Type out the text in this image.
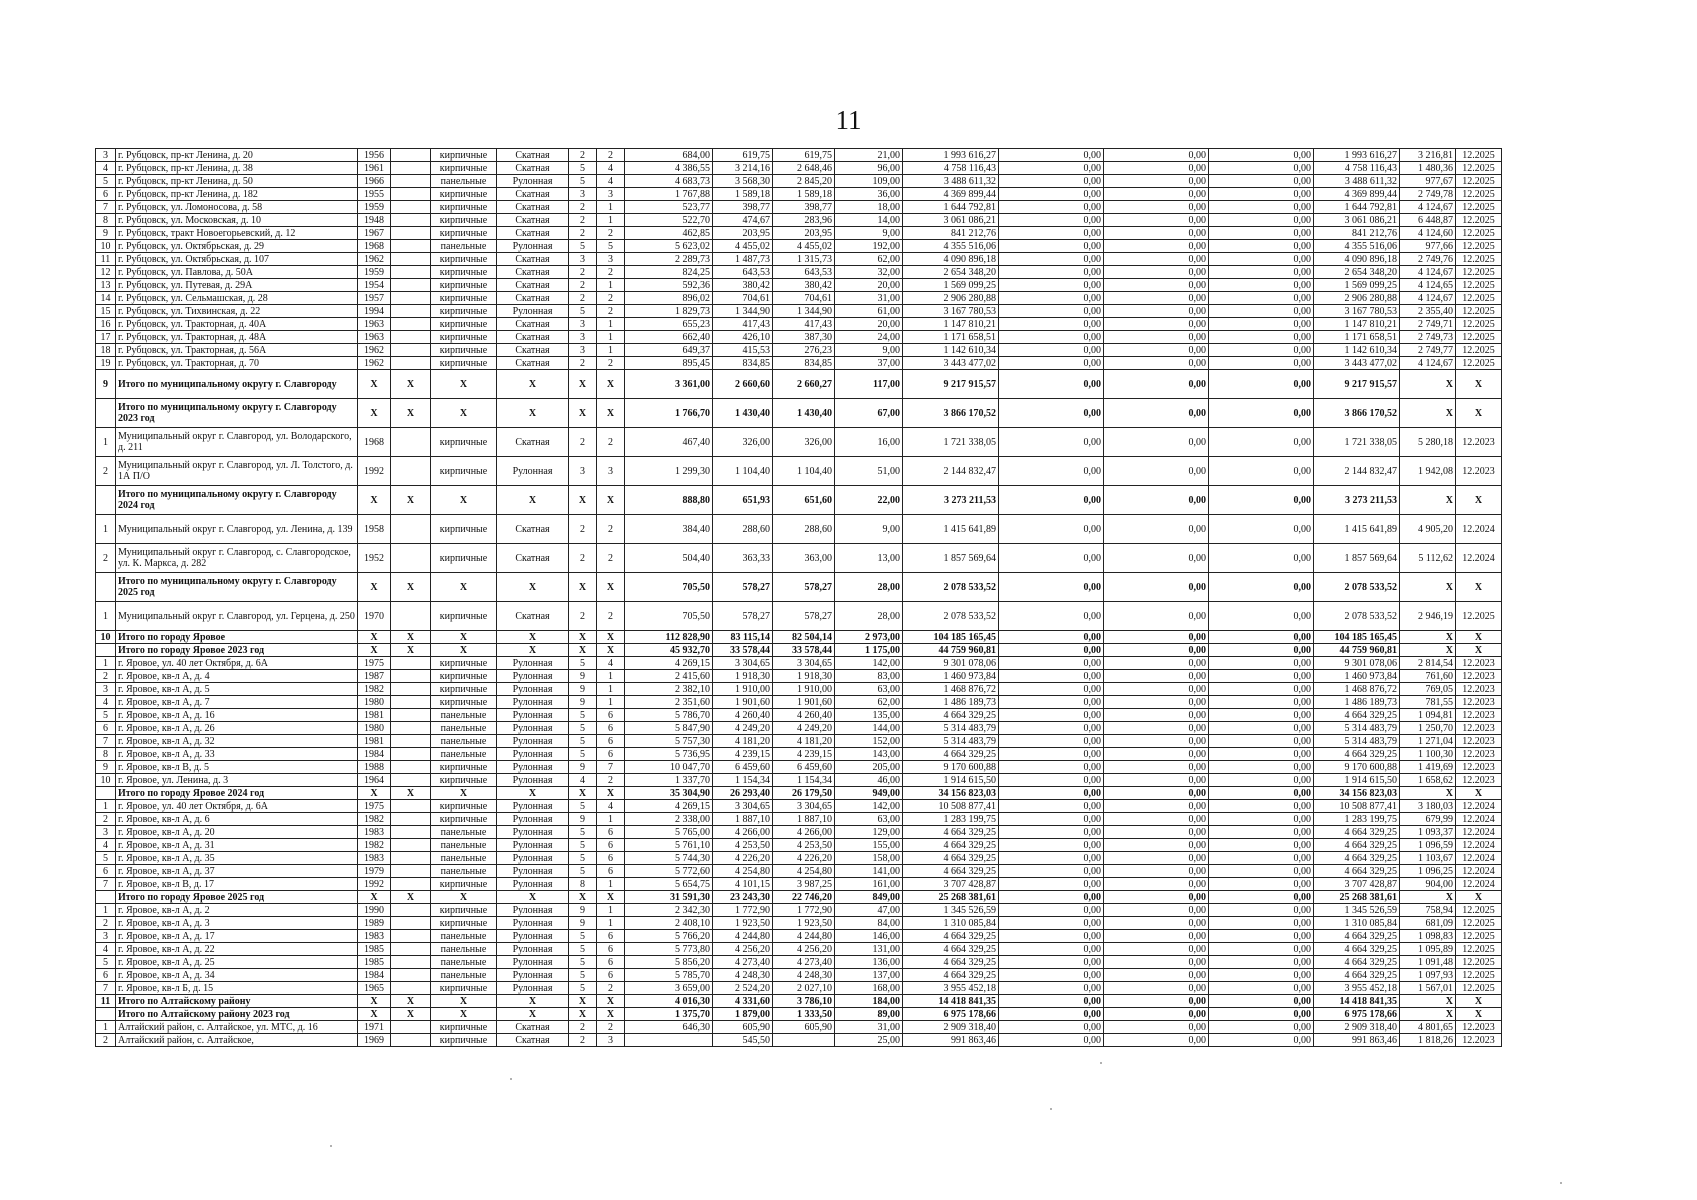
11
3	г. Рубцовск, пр-кт Ленина, д. 20	1956		кирпичные	Скатная	2	2	684,00	619,75	619,75	21,00	1 993 616,27	0,00	0,00	0,00	1 993 616,27	3 216,81	12.2025
4	г. Рубцовск, пр-кт Ленина, д. 38	1961		кирпичные	Скатная	5	4	4 386,55	3 214,16	2 648,46	96,00	4 758 116,43	0,00	0,00	0,00	4 758 116,43	1 480,36	12.2025
5	г. Рубцовск, пр-кт Ленина, д. 50	1966		панельные	Рулонная	5	4	4 683,73	3 568,30	2 845,20	109,00	3 488 611,32	0,00	0,00	0,00	3 488 611,32	977,67	12.2025
6	г. Рубцовск, пр-кт Ленина, д. 182	1955		кирпичные	Скатная	3	3	1 767,88	1 589,18	1 589,18	36,00	4 369 899,44	0,00	0,00	0,00	4 369 899,44	2 749,78	12.2025
7	г. Рубцовск, ул. Ломоносова, д. 58	1959		кирпичные	Скатная	2	1	523,77	398,77	398,77	18,00	1 644 792,81	0,00	0,00	0,00	1 644 792,81	4 124,67	12.2025
8	г. Рубцовск, ул. Московская, д. 10	1948		кирпичные	Скатная	2	1	522,70	474,67	283,96	14,00	3 061 086,21	0,00	0,00	0,00	3 061 086,21	6 448,87	12.2025
9	г. Рубцовск, тракт Новоегорьевский, д. 12	1967		кирпичные	Скатная	2	2	462,85	203,95	203,95	9,00	841 212,76	0,00	0,00	0,00	841 212,76	4 124,60	12.2025
10	г. Рубцовск, ул. Октябрьская, д. 29	1968		панельные	Рулонная	5	5	5 623,02	4 455,02	4 455,02	192,00	4 355 516,06	0,00	0,00	0,00	4 355 516,06	977,66	12.2025
11	г. Рубцовск, ул. Октябрьская, д. 107	1962		кирпичные	Скатная	3	3	2 289,73	1 487,73	1 315,73	62,00	4 090 896,18	0,00	0,00	0,00	4 090 896,18	2 749,76	12.2025
12	г. Рубцовск, ул. Павлова, д. 50А	1959		кирпичные	Скатная	2	2	824,25	643,53	643,53	32,00	2 654 348,20	0,00	0,00	0,00	2 654 348,20	4 124,67	12.2025
13	г. Рубцовск, ул. Путевая, д. 29А	1954		кирпичные	Скатная	2	1	592,36	380,42	380,42	20,00	1 569 099,25	0,00	0,00	0,00	1 569 099,25	4 124,65	12.2025
14	г. Рубцовск, ул. Сельмашская, д. 28	1957		кирпичные	Скатная	2	2	896,02	704,61	704,61	31,00	2 906 280,88	0,00	0,00	0,00	2 906 280,88	4 124,67	12.2025
15	г. Рубцовск, ул. Тихвинская, д. 22	1994		кирпичные	Рулонная	5	2	1 829,73	1 344,90	1 344,90	61,00	3 167 780,53	0,00	0,00	0,00	3 167 780,53	2 355,40	12.2025
16	г. Рубцовск, ул. Тракторная, д. 40А	1963		кирпичные	Скатная	3	1	655,23	417,43	417,43	20,00	1 147 810,21	0,00	0,00	0,00	1 147 810,21	2 749,71	12.2025
17	г. Рубцовск, ул. Тракторная, д. 48А	1963		кирпичные	Скатная	3	1	662,40	426,10	387,30	24,00	1 171 658,51	0,00	0,00	0,00	1 171 658,51	2 749,73	12.2025
18	г. Рубцовск, ул. Тракторная, д. 56А	1962		кирпичные	Скатная	3	1	649,37	415,53	276,23	9,00	1 142 610,34	0,00	0,00	0,00	1 142 610,34	2 749,77	12.2025
19	г. Рубцовск, ул. Тракторная, д. 70	1962		кирпичные	Скатная	2	2	895,45	834,85	834,85	37,00	3 443 477,02	0,00	0,00	0,00	3 443 477,02	4 124,67	12.2025
9	Итого по муниципальному округу г. Славгороду	X	X	X	X	X	X	3 361,00	2 660,60	2 660,27	117,00	9 217 915,57	0,00	0,00	0,00	9 217 915,57	X	X
	Итого по муниципальному округу г. Славгороду 2023 год	X	X	X	X	X	X	1 766,70	1 430,40	1 430,40	67,00	3 866 170,52	0,00	0,00	0,00	3 866 170,52	X	X
1	Муниципальный округ г. Славгород, ул. Володарского, д. 211	1968		кирпичные	Скатная	2	2	467,40	326,00	326,00	16,00	1 721 338,05	0,00	0,00	0,00	1 721 338,05	5 280,18	12.2023
2	Муниципальный округ г. Славгород, ул. Л. Толстого, д. 1А П/О	1992		кирпичные	Рулонная	3	3	1 299,30	1 104,40	1 104,40	51,00	2 144 832,47	0,00	0,00	0,00	2 144 832,47	1 942,08	12.2023
	Итого по муниципальному округу г. Славгороду 2024 год	X	X	X	X	X	X	888,80	651,93	651,60	22,00	3 273 211,53	0,00	0,00	0,00	3 273 211,53	X	X
1	Муниципальный округ г. Славгород, ул. Ленина, д. 139	1958		кирпичные	Скатная	2	2	384,40	288,60	288,60	9,00	1 415 641,89	0,00	0,00	0,00	1 415 641,89	4 905,20	12.2024
2	Муниципальный округ г. Славгород, с. Славгородское, ул. К. Маркса, д. 282	1952		кирпичные	Скатная	2	2	504,40	363,33	363,00	13,00	1 857 569,64	0,00	0,00	0,00	1 857 569,64	5 112,62	12.2024
	Итого по муниципальному округу г. Славгороду 2025 год	X	X	X	X	X	X	705,50	578,27	578,27	28,00	2 078 533,52	0,00	0,00	0,00	2 078 533,52	X	X
1	Муниципальный округ г. Славгород, ул. Герцена, д. 250	1970		кирпичные	Скатная	2	2	705,50	578,27	578,27	28,00	2 078 533,52	0,00	0,00	0,00	2 078 533,52	2 946,19	12.2025
10	Итого по городу Яровое	X	X	X	X	X	X	112 828,90	83 115,14	82 504,14	2 973,00	104 185 165,45	0,00	0,00	0,00	104 185 165,45	X	X
	Итого по городу Яровое 2023 год	X	X	X	X	X	X	45 932,70	33 578,44	33 578,44	1 175,00	44 759 960,81	0,00	0,00	0,00	44 759 960,81	X	X
1	г. Яровое, ул. 40 лет Октября, д. 6А	1975		кирпичные	Рулонная	5	4	4 269,15	3 304,65	3 304,65	142,00	9 301 078,06	0,00	0,00	0,00	9 301 078,06	2 814,54	12.2023
2	г. Яровое, кв-л А, д. 4	1987		кирпичные	Рулонная	9	1	2 415,60	1 918,30	1 918,30	83,00	1 460 973,84	0,00	0,00	0,00	1 460 973,84	761,60	12.2023
3	г. Яровое, кв-л А, д. 5	1982		кирпичные	Рулонная	9	1	2 382,10	1 910,00	1 910,00	63,00	1 468 876,72	0,00	0,00	0,00	1 468 876,72	769,05	12.2023
4	г. Яровое, кв-л А, д. 7	1980		кирпичные	Рулонная	9	1	2 351,60	1 901,60	1 901,60	62,00	1 486 189,73	0,00	0,00	0,00	1 486 189,73	781,55	12.2023
5	г. Яровое, кв-л А, д. 16	1981		панельные	Рулонная	5	6	5 786,70	4 260,40	4 260,40	135,00	4 664 329,25	0,00	0,00	0,00	4 664 329,25	1 094,81	12.2023
6	г. Яровое, кв-л А, д. 26	1980		панельные	Рулонная	5	6	5 847,90	4 249,20	4 249,20	144,00	5 314 483,79	0,00	0,00	0,00	5 314 483,79	1 250,70	12.2023
7	г. Яровое, кв-л А, д. 32	1981		панельные	Рулонная	5	6	5 757,30	4 181,20	4 181,20	152,00	5 314 483,79	0,00	0,00	0,00	5 314 483,79	1 271,04	12.2023
8	г. Яровое, кв-л А, д. 33	1984		панельные	Рулонная	5	6	5 736,95	4 239,15	4 239,15	143,00	4 664 329,25	0,00	0,00	0,00	4 664 329,25	1 100,30	12.2023
9	г. Яровое, кв-л В, д. 5	1988		кирпичные	Рулонная	9	7	10 047,70	6 459,60	6 459,60	205,00	9 170 600,88	0,00	0,00	0,00	9 170 600,88	1 419,69	12.2023
10	г. Яровое, ул. Ленина, д. 3	1964		кирпичные	Рулонная	4	2	1 337,70	1 154,34	1 154,34	46,00	1 914 615,50	0,00	0,00	0,00	1 914 615,50	1 658,62	12.2023
	Итого по городу Яровое 2024 год	X	X	X	X	X	X	35 304,90	26 293,40	26 179,50	949,00	34 156 823,03	0,00	0,00	0,00	34 156 823,03	X	X
1	г. Яровое, ул. 40 лет Октября, д. 6А	1975		кирпичные	Рулонная	5	4	4 269,15	3 304,65	3 304,65	142,00	10 508 877,41	0,00	0,00	0,00	10 508 877,41	3 180,03	12.2024
2	г. Яровое, кв-л А, д. 6	1982		кирпичные	Рулонная	9	1	2 338,00	1 887,10	1 887,10	63,00	1 283 199,75	0,00	0,00	0,00	1 283 199,75	679,99	12.2024
3	г. Яровое, кв-л А, д. 20	1983		панельные	Рулонная	5	6	5 765,00	4 266,00	4 266,00	129,00	4 664 329,25	0,00	0,00	0,00	4 664 329,25	1 093,37	12.2024
4	г. Яровое, кв-л А, д. 31	1982		панельные	Рулонная	5	6	5 761,10	4 253,50	4 253,50	155,00	4 664 329,25	0,00	0,00	0,00	4 664 329,25	1 096,59	12.2024
5	г. Яровое, кв-л А, д. 35	1983		панельные	Рулонная	5	6	5 744,30	4 226,20	4 226,20	158,00	4 664 329,25	0,00	0,00	0,00	4 664 329,25	1 103,67	12.2024
6	г. Яровое, кв-л А, д. 37	1979		панельные	Рулонная	5	6	5 772,60	4 254,80	4 254,80	141,00	4 664 329,25	0,00	0,00	0,00	4 664 329,25	1 096,25	12.2024
7	г. Яровое, кв-л В, д. 17	1992		кирпичные	Рулонная	8	1	5 654,75	4 101,15	3 987,25	161,00	3 707 428,87	0,00	0,00	0,00	3 707 428,87	904,00	12.2024
	Итого по городу Яровое 2025 год	X	X	X	X	X	X	31 591,30	23 243,30	22 746,20	849,00	25 268 381,61	0,00	0,00	0,00	25 268 381,61	X	X
1	г. Яровое, кв-л А, д. 2	1990		кирпичные	Рулонная	9	1	2 342,30	1 772,90	1 772,90	47,00	1 345 526,59	0,00	0,00	0,00	1 345 526,59	758,94	12.2025
2	г. Яровое, кв-л А, д. 3	1989		кирпичные	Рулонная	9	1	2 408,10	1 923,50	1 923,50	84,00	1 310 085,84	0,00	0,00	0,00	1 310 085,84	681,09	12.2025
3	г. Яровое, кв-л А, д. 17	1983		панельные	Рулонная	5	6	5 766,20	4 244,80	4 244,80	146,00	4 664 329,25	0,00	0,00	0,00	4 664 329,25	1 098,83	12.2025
4	г. Яровое, кв-л А, д. 22	1985		панельные	Рулонная	5	6	5 773,80	4 256,20	4 256,20	131,00	4 664 329,25	0,00	0,00	0,00	4 664 329,25	1 095,89	12.2025
5	г. Яровое, кв-л А, д. 25	1985		панельные	Рулонная	5	6	5 856,20	4 273,40	4 273,40	136,00	4 664 329,25	0,00	0,00	0,00	4 664 329,25	1 091,48	12.2025
6	г. Яровое, кв-л А, д. 34	1984		панельные	Рулонная	5	6	5 785,70	4 248,30	4 248,30	137,00	4 664 329,25	0,00	0,00	0,00	4 664 329,25	1 097,93	12.2025
7	г. Яровое, кв-л Б, д. 15	1965		кирпичные	Рулонная	5	2	3 659,00	2 524,20	2 027,10	168,00	3 955 452,18	0,00	0,00	0,00	3 955 452,18	1 567,01	12.2025
11	Итого по Алтайскому району	X	X	X	X	X	X	4 016,30	4 331,60	3 786,10	184,00	14 418 841,35	0,00	0,00	0,00	14 418 841,35	X	X
	Итого по Алтайскому району 2023 год	X	X	X	X	X	X	1 375,70	1 879,00	1 333,50	89,00	6 975 178,66	0,00	0,00	0,00	6 975 178,66	X	X
1	Алтайский район, с. Алтайское, ул. МТС, д. 16	1971		кирпичные	Скатная	2	2	646,30	605,90	605,90	31,00	2 909 318,40	0,00	0,00	0,00	2 909 318,40	4 801,65	12.2023
2	Алтайский район, с. Алтайское,	1969		кирпичные	Скатная	2	3		545,50		25,00	991 863,46	0,00	0,00	0,00	991 863,46	1 818,26	12.2023
